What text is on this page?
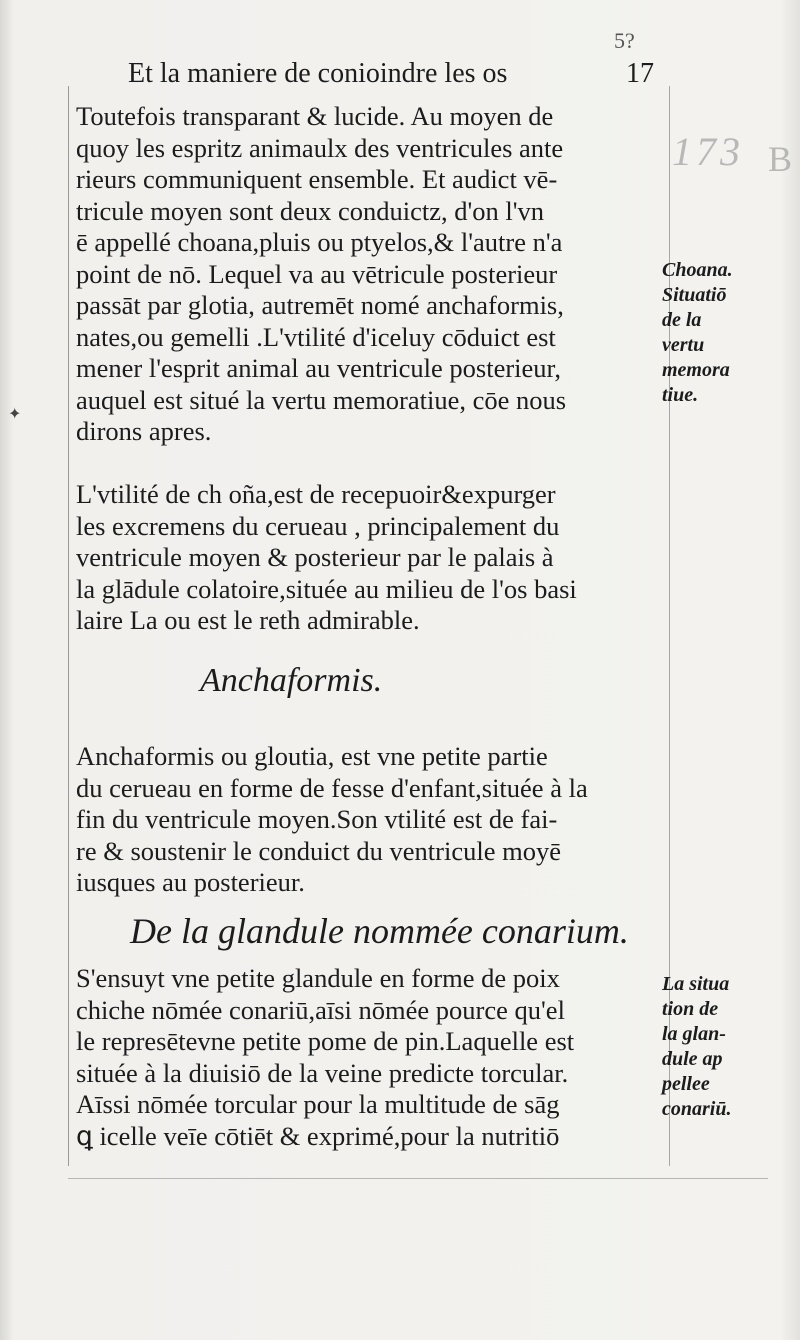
5?
173 B
Et la maniere de conioindre les os	17
✦
Toutefois transparant & lucide. Au moyen de
quoy les espritz animaulx des ventricules ante
rieurs communiquent ensemble. Et audict vē-
tricule moyen sont deux conduictz, d'on l'vn
ē appellé choana,pluis ou ptyelos,& l'autre n'a
point de nō. Lequel va au vētricule posterieur
passāt par glotia, autremēt nomé anchaformis,
nates,ou gemelli .L'vtilité d'iceluy cōduict est
mener l'esprit animal au ventricule posterieur,
auquel est situé la vertu memoratiue, cōe nous
dirons apres.
L'vtilité de ch oña,est de recepuoir&expurger
les excremens du cerueau , principalement du
ventricule moyen & posterieur par le palais à
la glādule colatoire,située au milieu de l'os basi
laire La ou est le reth admirable.
Anchaformis.
Anchaformis ou gloutia, est vne petite partie
du cerueau en forme de fesse d'enfant,située à la
fin du ventricule moyen.Son vtilité est de fai-
re & soustenir le conduict du ventricule moyē
iusques au posterieur.
De la glandule nommée conarium.
S'ensuyt vne petite glandule en forme de poix
chiche nōmée conariū,aīsi nōmée pource qu'el
le represētevne petite pome de pin.Laquelle est
située à la diuisiō de la veine predicte torcular.
Aīssi nōmée torcular pour la multitude de sāg
ꝗ icelle veīe cōtiēt & exprimé,pour la nutritiō
Choana.
Situatiō
de la
vertu
memora
tiue.
La situa
tion de
la glan-
dule ap
pellee
conariū.
